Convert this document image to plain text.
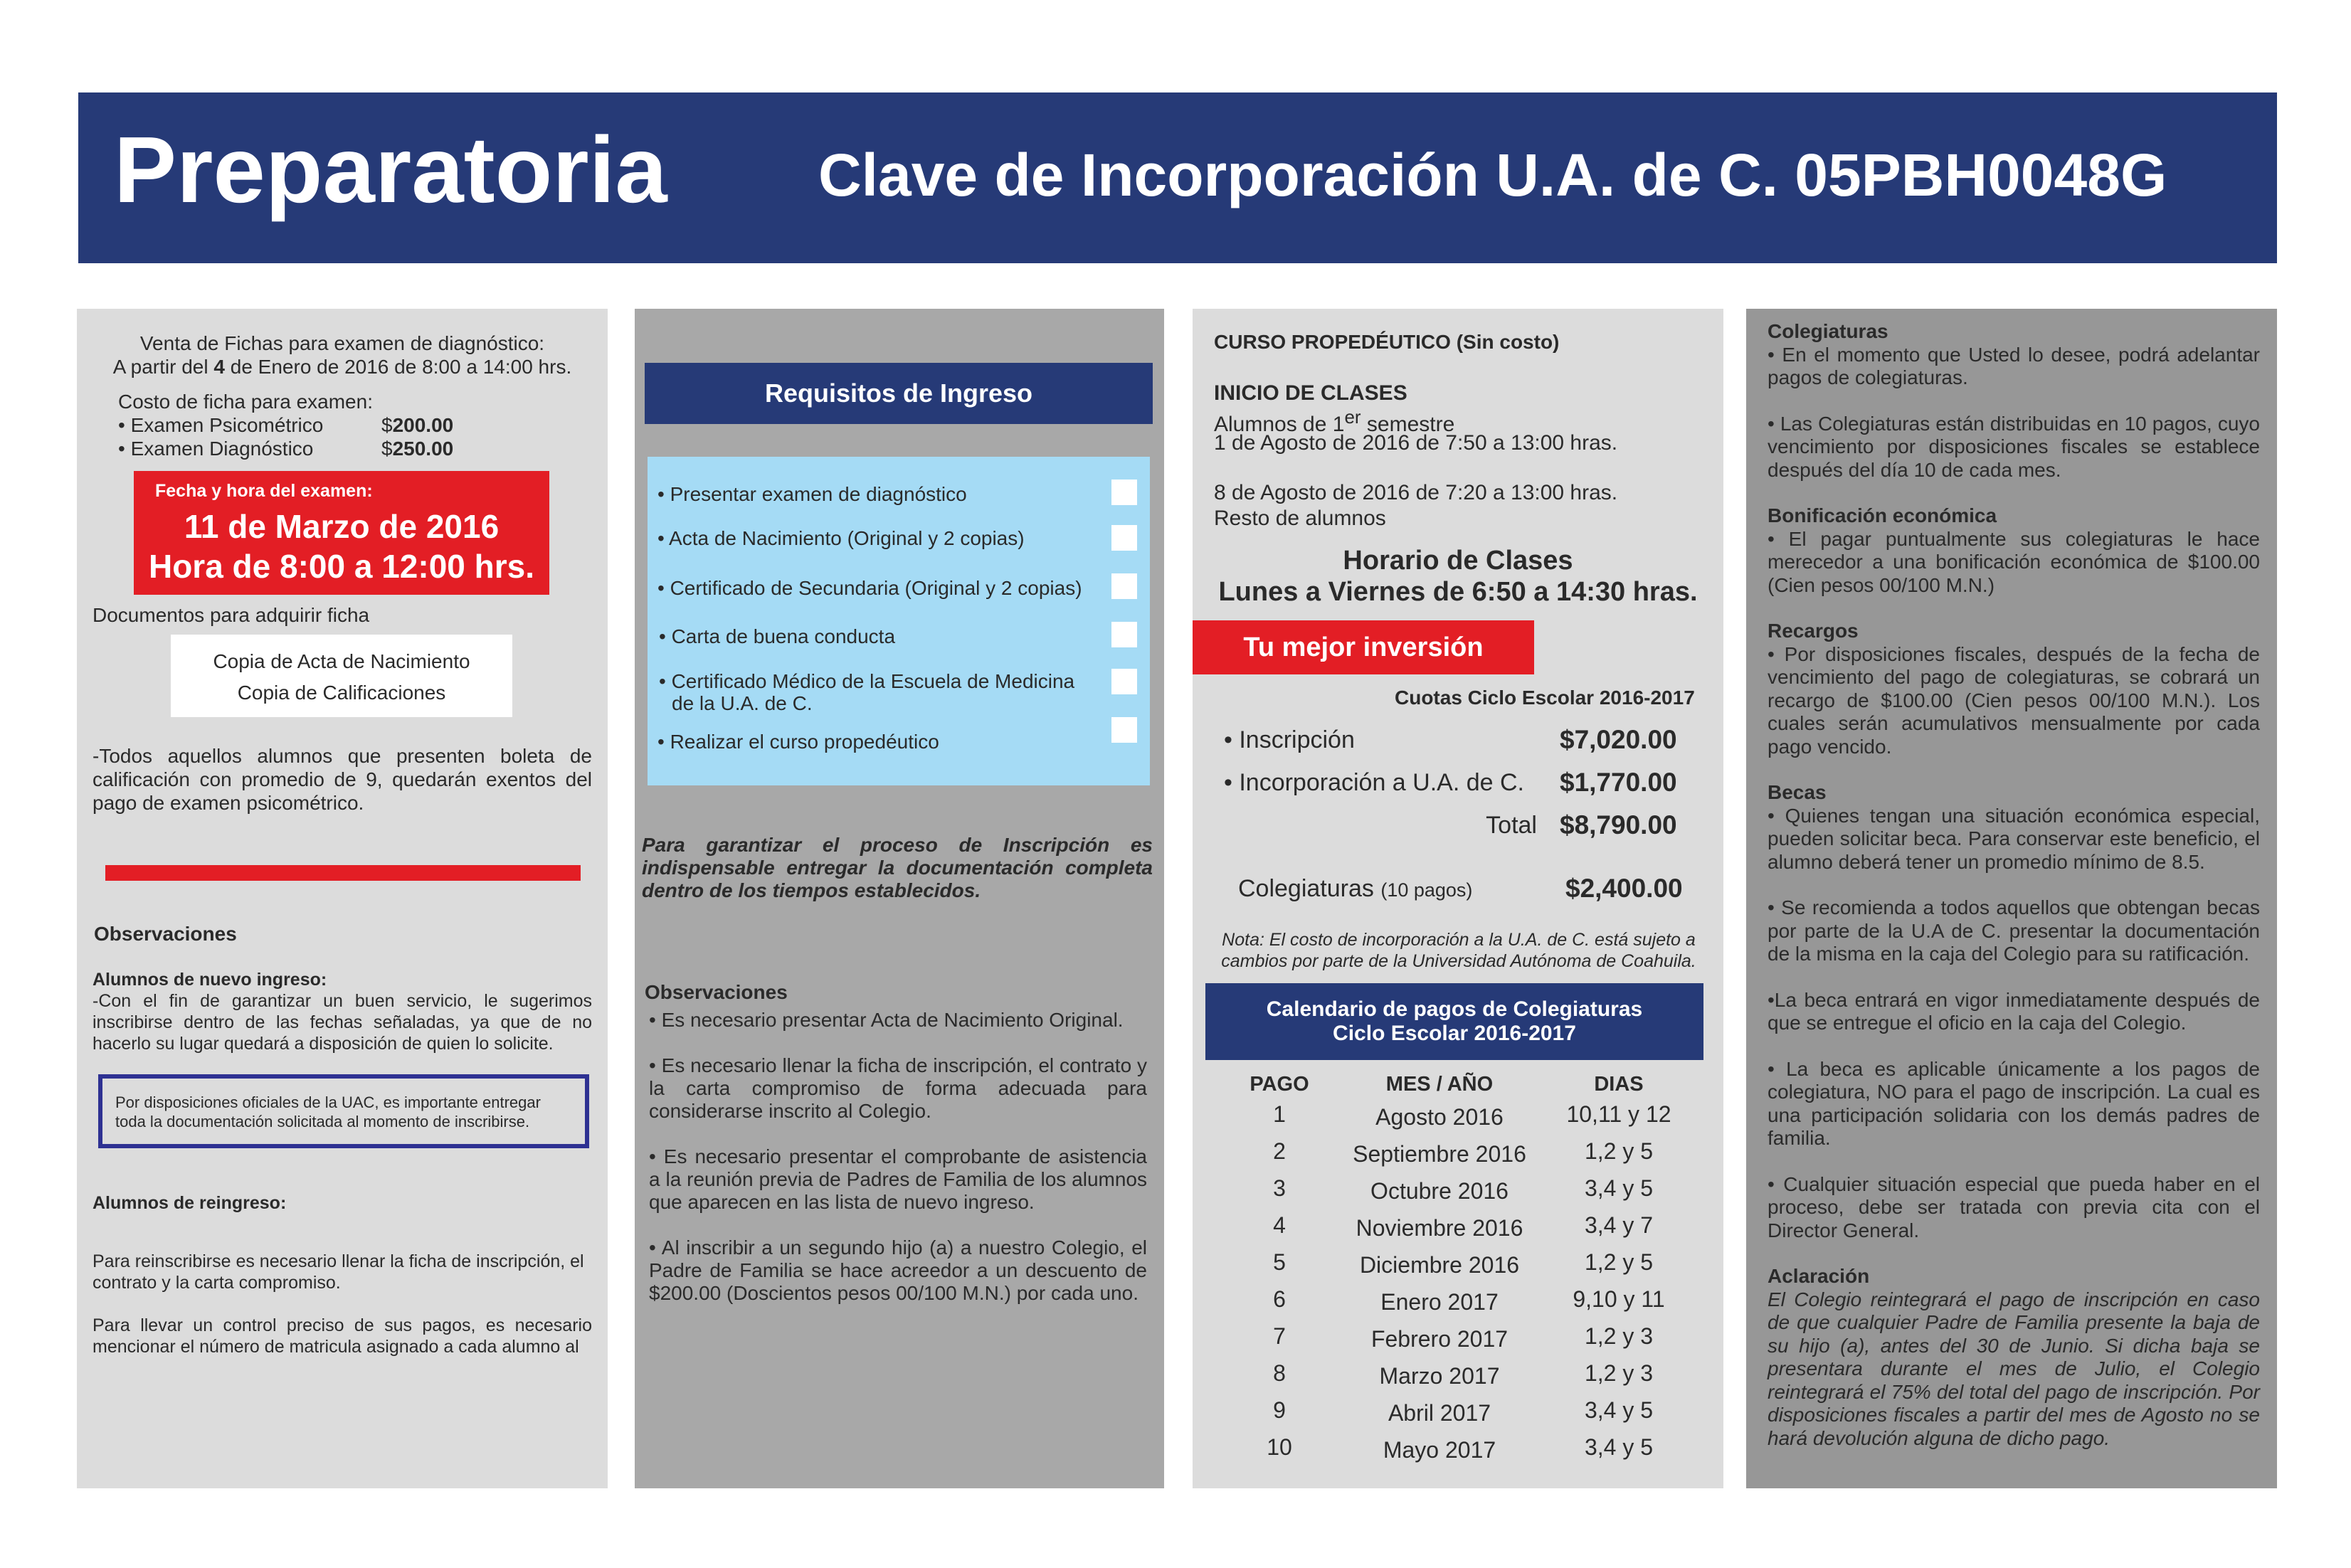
Preparatoria	Clave de Incorporación U.A. de C. 05PBH0048G
Venta de Fichas para examen de diagnóstico:
A partir del 4 de Enero de 2016 de 8:00 a 14:00 hrs.
Costo de ficha para examen:
• Examen Psicométrico	$ 200.00
• Examen Diagnóstico	$ 250.00
Fecha y hora del examen:
11 de Marzo de 2016
Hora de 8:00 a 12:00 hrs.
Documentos para adquirir ficha
Copia de Acta de Nacimiento
Copia de Calificaciones
-Todos aquellos alumnos que presenten boleta de calificación con promedio de 9, quedarán exentos del pago de examen psicométrico.
Observaciones
Alumnos de nuevo ingreso:
-Con el fin de garantizar un buen servicio, le sugerimos inscribirse dentro de las fechas señaladas, ya que de no hacerlo su lugar quedará a disposición de quien lo solicite.
Por disposiciones oficiales de la UAC, es importante entregar toda la documentación solicitada al momento de inscribirse.
Alumnos de reingreso:
Para reinscribirse es necesario llenar la ficha de inscripción, el contrato y la carta compromiso.
Para llevar un control preciso de sus pagos, es necesario mencionar el número de matricula asignado a cada alumno al
Requisitos de Ingreso
• Presentar examen de diagnóstico
• Acta de Nacimiento (Original y 2 copias)
• Certificado de Secundaria (Original y 2 copias)
• Carta de buena conducta
• Certificado Médico de la Escuela de Medicina de la U.A. de C.
• Realizar el curso propedéutico
Para garantizar el proceso de Inscripción es indispensable entregar la documentación completa dentro de los tiempos establecidos.
Observaciones
• Es necesario presentar Acta de Nacimiento Original.
• Es necesario llenar la ficha de inscripción, el contrato y la carta compromiso de forma adecuada para considerarse inscrito al Colegio.
• Es necesario presentar el comprobante de asistencia a la reunión previa de Padres de Familia de los alumnos que aparecen en las lista de nuevo ingreso.
• Al inscribir a un segundo hijo (a) a nuestro Colegio, el Padre de Familia se hace acreedor a un descuento de $200.00 (Doscientos pesos 00/100 M.N.) por cada uno.
CURSO PROPEDÉUTICO (Sin costo)
INICIO DE CLASES
Alumnos de 1er semestre
1 de Agosto de 2016 de 7:50 a 13:00 hras.
8 de Agosto de 2016 de 7:20 a 13:00 hras.
Resto de alumnos
Horario de Clases
Lunes a Viernes de 6:50 a 14:30 hras.
Tu mejor inversión
Cuotas Ciclo Escolar 2016-2017
• Inscripción	$7,020.00
• Incorporación a U.A. de C.	$1,770.00
Total $8,790.00
Colegiaturas (10 pagos)	$2,400.00
Nota: El costo de incorporación a la U.A. de C. está sujeto a cambios por parte de la Universidad Autónoma de Coahuila.
Calendario de pagos de Colegiaturas
Ciclo Escolar 2016-2017
PAGO	MES / AÑO	DIAS
1	Agosto 2016	10,11 y 12
2	Septiembre 2016	1,2 y 5
3	Octubre 2016	3,4 y 5
4	Noviembre 2016	3,4 y 7
5	Diciembre 2016	1,2 y 5
6	Enero 2017	9,10 y 11
7	Febrero 2017	1,2 y 3
8	Marzo 2017	1,2 y 3
9	Abril 2017	3,4 y 5
10	Mayo 2017	3,4 y 5
Colegiaturas
• En el momento que Usted lo desee, podrá adelantar pagos de colegiaturas.
• Las Colegiaturas están distribuidas en 10 pagos, cuyo vencimiento por disposiciones fiscales se establece después del día 10 de cada mes.
Bonificación económica
• El pagar puntualmente sus colegiaturas le hace merecedor a una bonificación económica de $100.00 (Cien pesos 00/100 M.N.)
Recargos
• Por disposiciones fiscales, después de la fecha de vencimiento del pago de colegiaturas, se cobrará un recargo de $100.00 (Cien pesos 00/100 M.N.). Los cuales serán acumulativos mensualmente por cada pago vencido.
Becas
• Quienes tengan una situación económica especial, pueden solicitar beca. Para conservar este beneficio, el alumno deberá tener un promedio mínimo de 8.5.
• Se recomienda a todos aquellos que obtengan becas por parte de la U.A de C. presentar la documentación de la misma en la caja del Colegio para su ratificación.
•La beca entrará en vigor inmediatamente después de que se entregue el oficio en la caja del Colegio.
• La beca es aplicable únicamente a los pagos de colegiatura, NO para el pago de inscripción. La cual es una participación solidaria con los demás padres de familia.
• Cualquier situación especial que pueda haber en el proceso, debe ser tratada con previa cita con el Director General.
Aclaración
El Colegio reintegrará el pago de inscripción en caso de que cualquier Padre de Familia presente la baja de su hijo (a), antes del 30 de Junio. Si dicha baja se presentara durante el mes de Julio, el Colegio reintegrará el 75% del total del pago de inscripción. Por disposiciones fiscales a partir del mes de Agosto no se hará devolución alguna de dicho pago.
